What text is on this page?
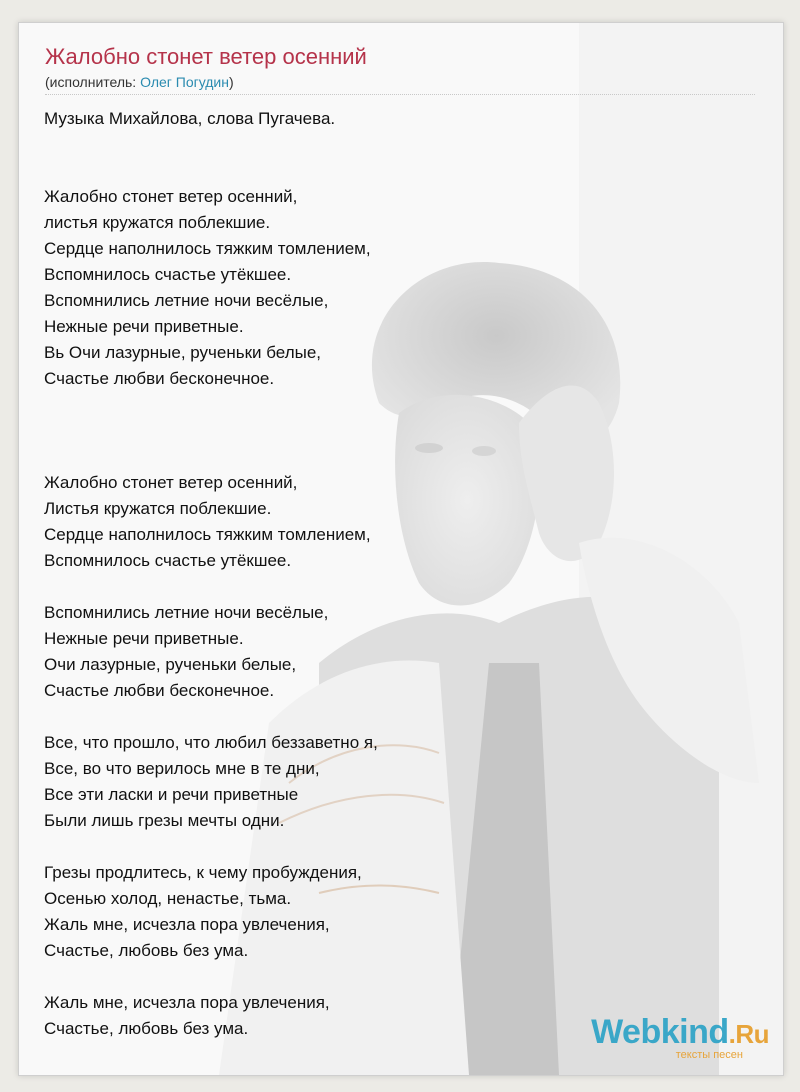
Жалобно стонет ветер осенний
(исполнитель: Олег Погудин)
Музыка Михайлова, слова Пугачева.
Жалобно стонет ветер осенний,
листья кружатся поблекшие.
Сердце наполнилось тяжким томлением,
Вспомнилось счастье утёкшее.
Вспомнились летние ночи весёлые,
Нежные речи приветные.
Вь Очи лазурные, рученьки белые,
Счастье любви бесконечное.
Жалобно стонет ветер осенний,
Листья кружатся поблекшие.
Сердце наполнилось тяжким томлением,
Вспомнилось счастье утёкшее.
Вспомнились летние ночи весёлые,
Нежные речи приветные.
Очи лазурные, рученьки белые,
Счастье любви бесконечное.
Все, что прошло, что любил беззаветно я,
Все, во что верилось мне в те дни,
Все эти ласки и речи приветные
Были лишь грезы мечты одни.
Грезы продлитесь, к чему пробуждения,
Осенью холод, ненастье, тьма.
Жаль мне, исчезла пора увлечения,
Счастье, любовь без ума.
Жаль мне, исчезла пора увлечения,
Счастье, любовь без ума.	Webkind.Ru
тексты песен
